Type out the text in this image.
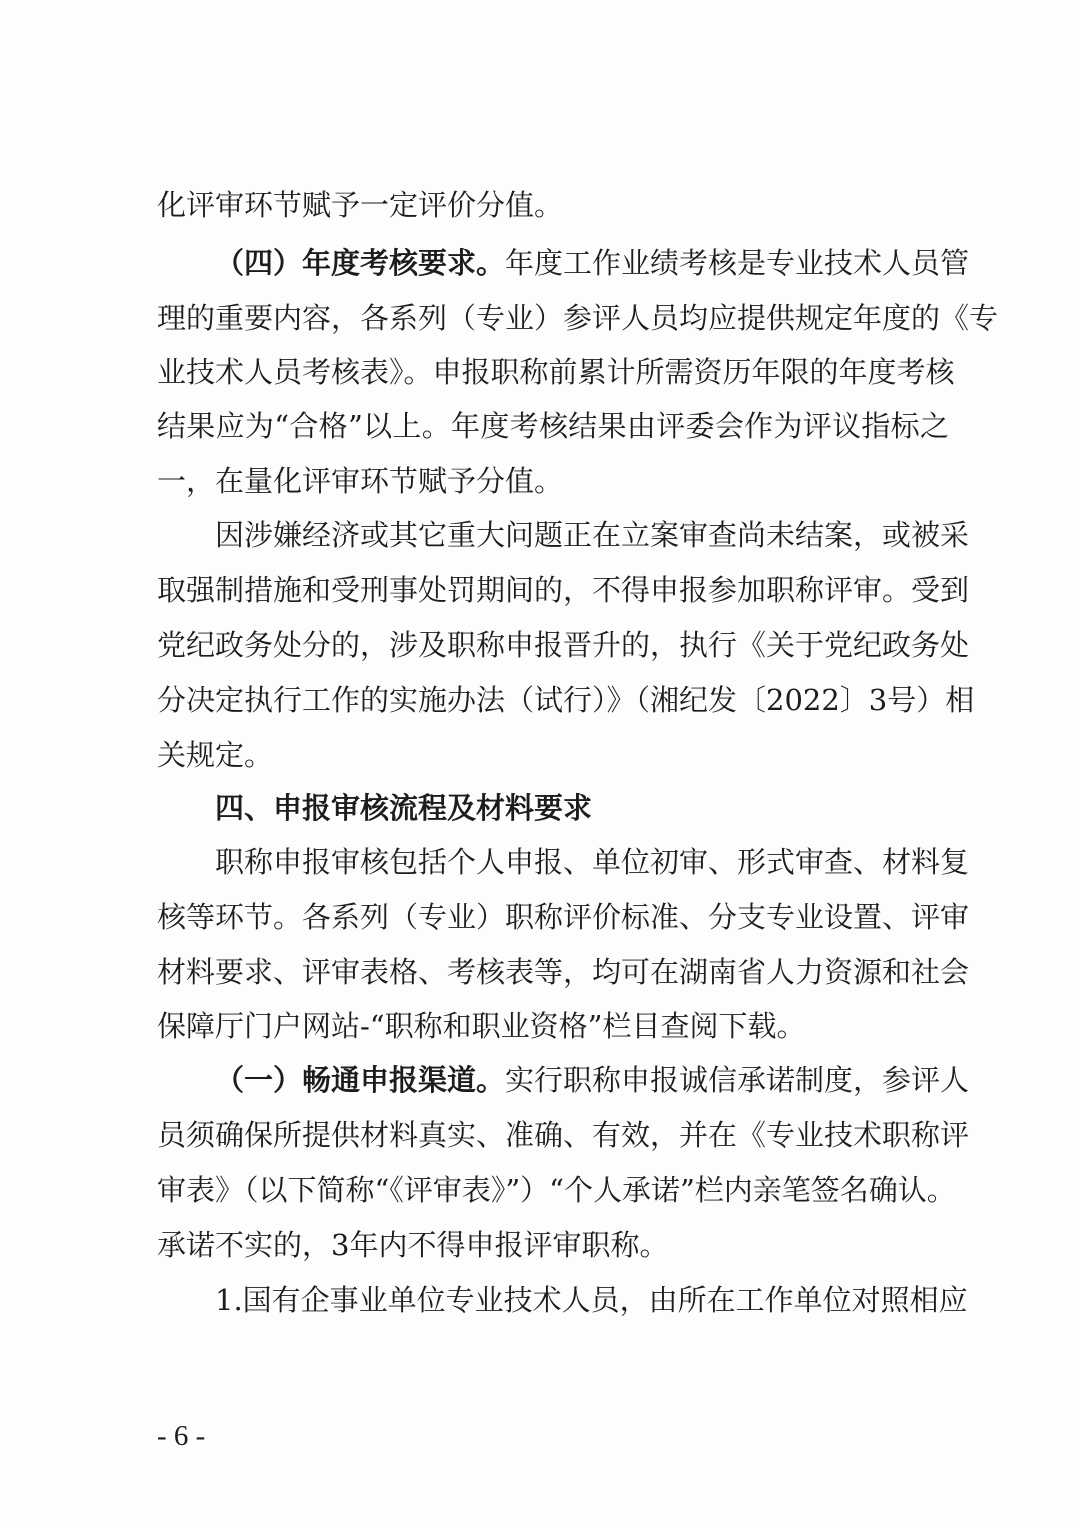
化评审环节赋予一定评价分值。
（四）年度考核要求。年度工作业绩考核是专业技术人员管
理的重要内容，各系列（专业）参评人员均应提供规定年度的《专
业技术人员考核表》。申报职称前累计所需资历年限的年度考核
结果应为“合格”以上。年度考核结果由评委会作为评议指标之
一，在量化评审环节赋予分值。
因涉嫌经济或其它重大问题正在立案审查尚未结案，或被采
取强制措施和受刑事处罚期间的，不得申报参加职称评审。受到
党纪政务处分的，涉及职称申报晋升的，执行《关于党纪政务处
分决定执行工作的实施办法（试行）》（湘纪发〔2022〕3号）相
关规定。
四、申报审核流程及材料要求
职称申报审核包括个人申报、单位初审、形式审查、材料复
核等环节。各系列（专业）职称评价标准、分支专业设置、评审
材料要求、评审表格、考核表等，均可在湖南省人力资源和社会
保障厅门户网站-“职称和职业资格”栏目查阅下载。
（一）畅通申报渠道。实行职称申报诚信承诺制度，参评人
员须确保所提供材料真实、准确、有效，并在《专业技术职称评
审表》（以下简称“《评审表》”）“个人承诺”栏内亲笔签名确认。
承诺不实的，3年内不得申报评审职称。
1.国有企事业单位专业技术人员，由所在工作单位对照相应
- 6 -
